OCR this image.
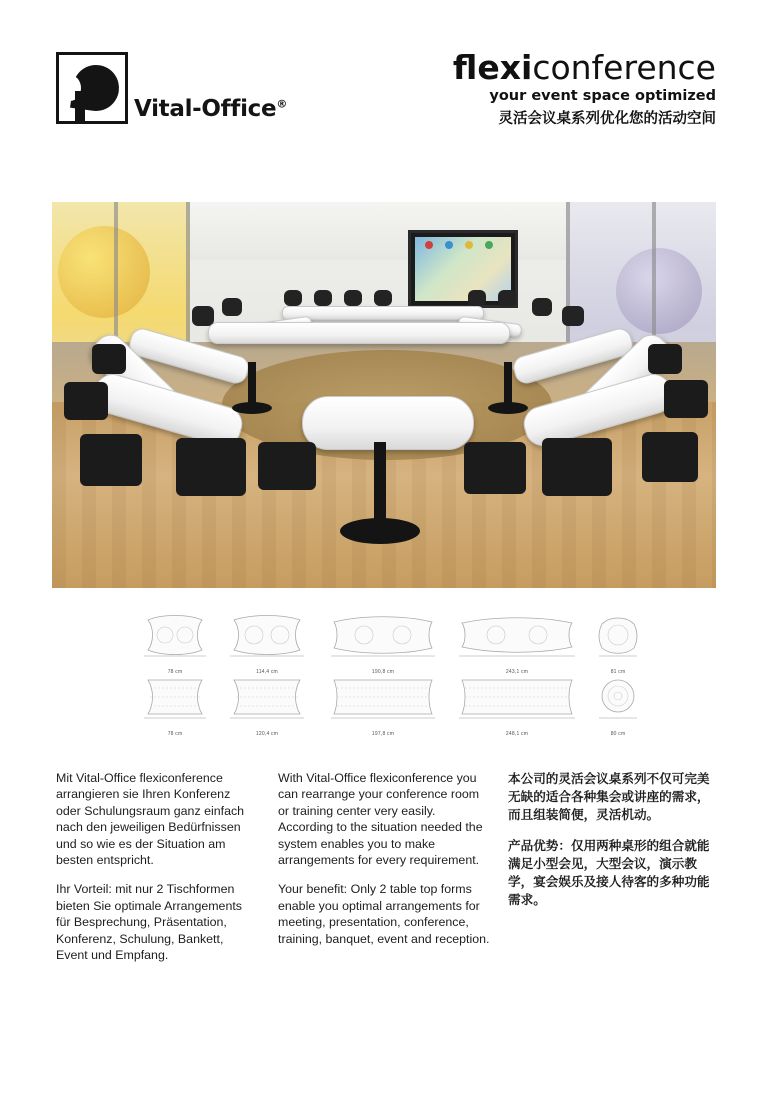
Vital-Office®
flexiconference
your event space optimized
灵活会议桌系列优化您的活动空间
78 cm	114,4 cm	190,8 cm	243,1 cm	81 cm
78 cm	120,4 cm	197,8 cm	248,1 cm	80 cm

Mit Vital-Office flexiconference arrangieren sie Ihren Konferenz oder Schulungsraum ganz einfach nach den jeweiligen Bedürfnissen und so wie es der Situation am besten entspricht.

Ihr Vorteil: mit nur 2 Tischformen bieten Sie optimale Arrangements für Besprechung, Präsentation, Konferenz, Schulung, Bankett, Event und Empfang.

With Vital-Office flexiconference you can rearrange your conference room or training center very easily. According to the situation needed the system enables you to make arrangements for every requirement.

Your benefit: Only 2 table top forms enable you optimal arrangements for meeting, presentation, conference, training, banquet, event and reception.

本公司的灵活会议桌系列不仅可完美无缺的适合各种集会或讲座的需求，而且组装简便，灵活机动。

产品优势：仅用两种桌形的组合就能满足小型会见，大型会议，演示教学，宴会娱乐及接人待客的多种功能需求。
